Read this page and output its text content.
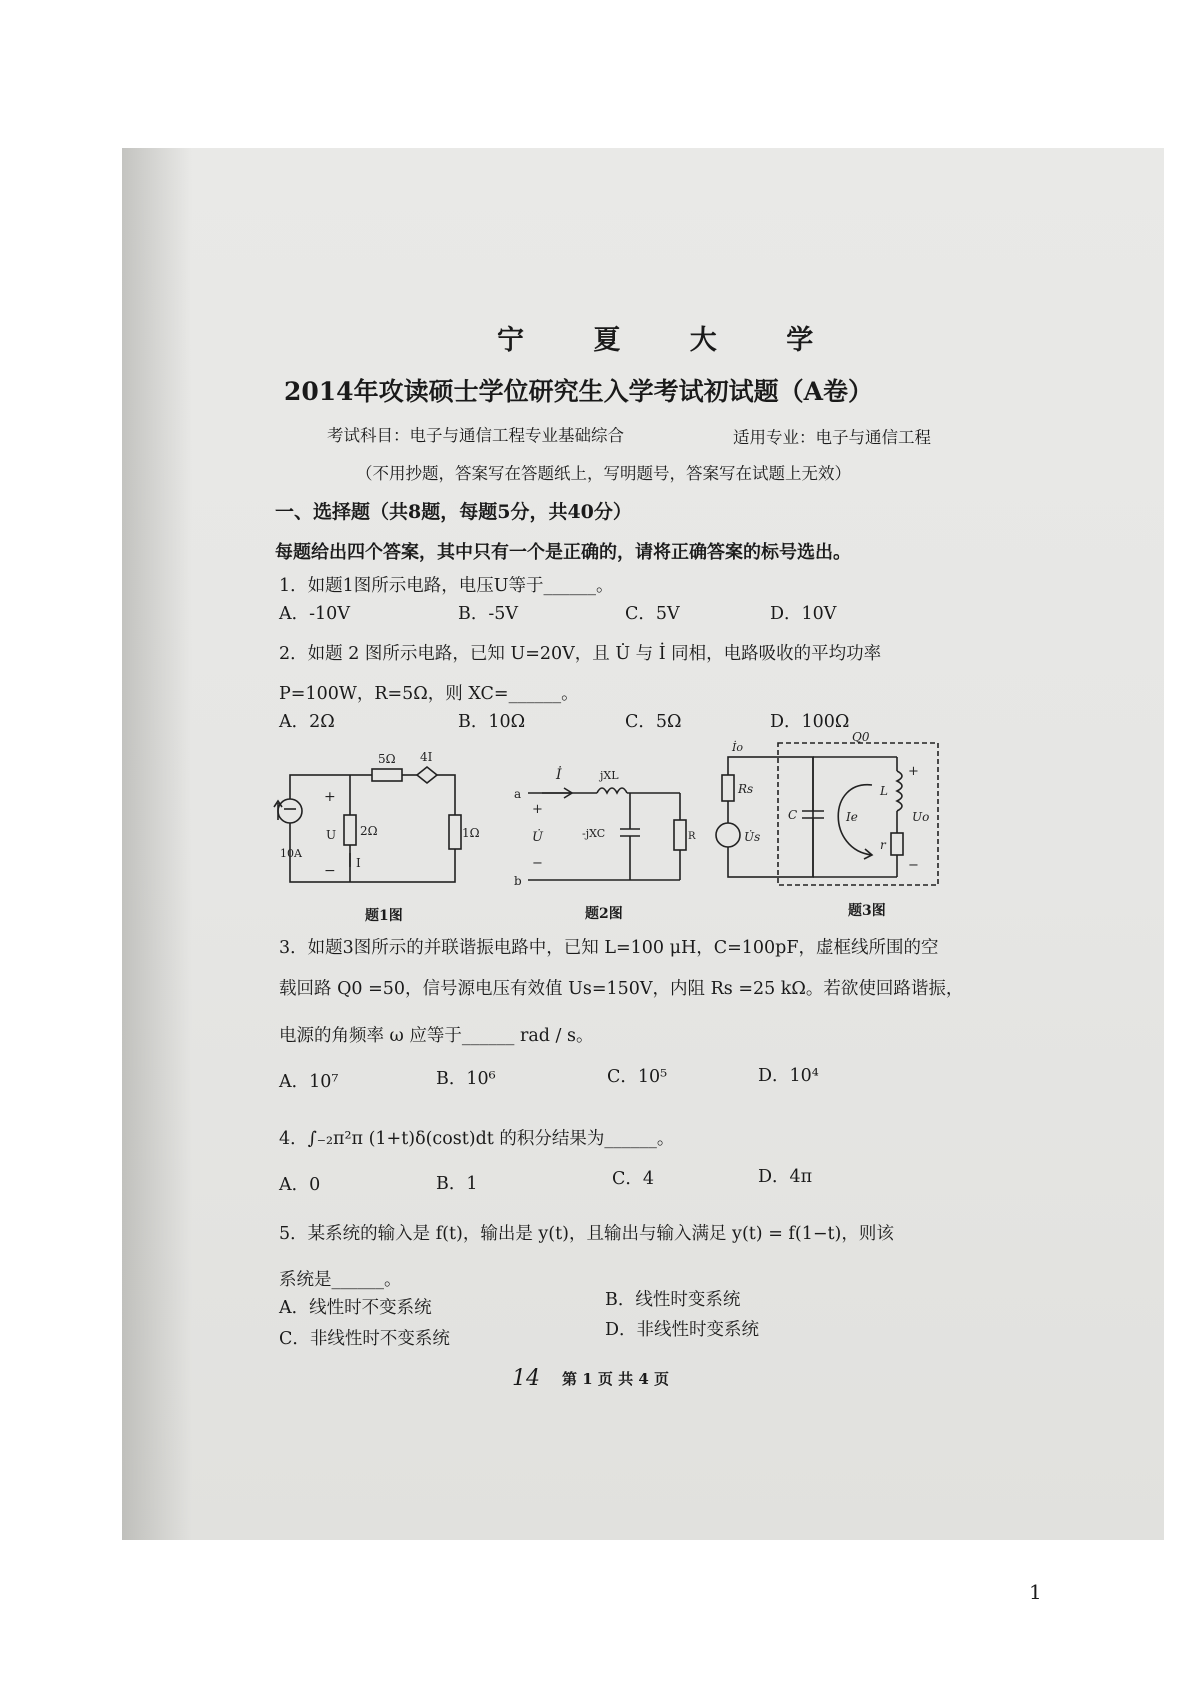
宁 夏 大 学
2014年攻读硕士学位研究生入学考试初试题（A卷）
考试科目：电子与通信工程专业基础综合	适用专业：电子与通信工程
（不用抄题，答案写在答题纸上，写明题号，答案写在试题上无效）
一、选择题（共8题，每题5分，共40分）
每题给出四个答案，其中只有一个是正确的，请将正确答案的标号选出。
1．如题1图所示电路，电压U等于______。
A．-10V	B．-5V	C．5V	D．10V
2．如题 2 图所示电路，已知 U=20V，且 U̇ 与 İ 同相，电路吸收的平均功率
P=100W，R=5Ω，则 XC=______。
A．2Ω	B．10Ω	C．5Ω	D．100Ω
5Ω 4I
2Ω	1Ω
10A
U
I
+
−
题1图
a
b
İ	jXL
-jXC	R
U̇
+
−
题2图
Q0
İo
Rs
U̇s
C	Ie
L
Uo
r
+
−
题3图
3．如题3图所示的并联谐振电路中，已知 L=100 μH，C=100pF，虚框线所围的空
载回路 Q0 =50，信号源电压有效值 Us=150V，内阻 Rs =25 kΩ。若欲使回路谐振，
电源的角频率 ω 应等于______ rad / s。
A．10⁷	B．10⁶	C．10⁵	D．10⁴
4．∫₋₂π²π (1+t)δ(cost)dt 的积分结果为______。
A．0	B．1	C．4	D．4π
5．某系统的输入是 f(t)，输出是 y(t)，且输出与输入满足 y(t) = f(1−t)，则该
系统是______。
A．线性时不变系统	B．线性时变系统
C．非线性时不变系统	D．非线性时变系统
14 第 1 页 共 4 页
1
